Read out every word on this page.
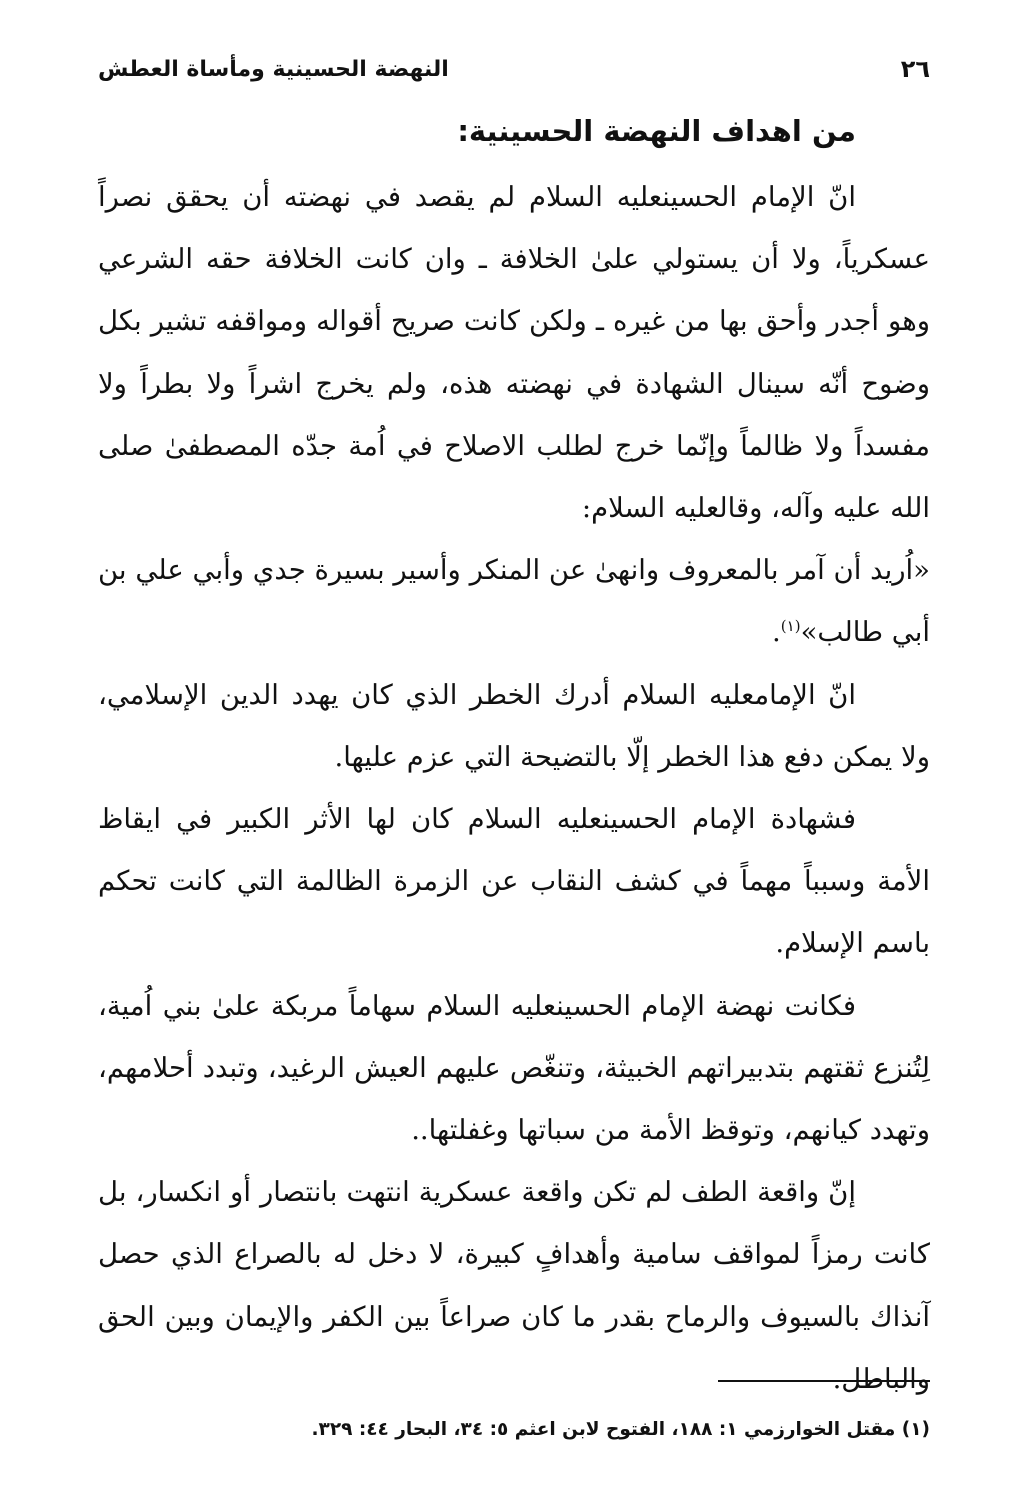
٢٦
النهضة الحسينية ومأساة العطش
من اهداف النهضة الحسينية:

انّ الإمام الحسينعليه السلام لم يقصد في نهضته أن يحقق نصراً عسكرياً، ولا أن يستولي علىٰ الخلافة ـ وان كانت الخلافة حقه الشرعي وهو أجدر وأحق بها من غيره ـ ولكن كانت صريح أقواله ومواقفه تشير بكل وضوح أنّه سينال الشهادة في نهضته هذه، ولم يخرج اشراً ولا بطراً ولا مفسداً ولا ظالماً وإنّما خرج لطلب الاصلاح في اُمة جدّه المصطفىٰ صلى الله عليه وآله، وقالعليه السلام:

«اُريد أن آمر بالمعروف وانهىٰ عن المنكر وأسير بسيرة جدي وأبي علي بن أبي طالب»$^{(١)}$.

انّ الإمامعليه السلام أدرك الخطر الذي كان يهدد الدين الإسلامي، ولا يمكن دفع هذا الخطر إلّا بالتضيحة التي عزم عليها.

فشهادة الإمام الحسينعليه السلام كان لها الأثر الكبير في ايقاظ الأمة وسبباً مهماً في كشف النقاب عن الزمرة الظالمة التي كانت تحكم باسم الإسلام.

فكانت نهضة الإمام الحسينعليه السلام سهاماً مربكة علىٰ بني اُمية، لِتُنزع ثقتهم بتدبيراتهم الخبيثة، وتنغّص عليهم العيش الرغيد، وتبدد أحلامهم، وتهدد كيانهم، وتوقظ الأمة من سباتها وغفلتها..

إنّ واقعة الطف لم تكن واقعة عسكرية انتهت بانتصار أو انكسار، بل كانت رمزاً لمواقف سامية وأهدافٍ كبيرة، لا دخل له بالصراع الذي حصل آنذاك بالسيوف والرماح بقدر ما كان صراعاً بين الكفر والإيمان وبين الحق والباطل.

(١) مقتل الخوارزمي ١: ١٨٨، الفتوح لابن اعثم ٥: ٣٤، البحار ٤٤: ٣٢٩.
